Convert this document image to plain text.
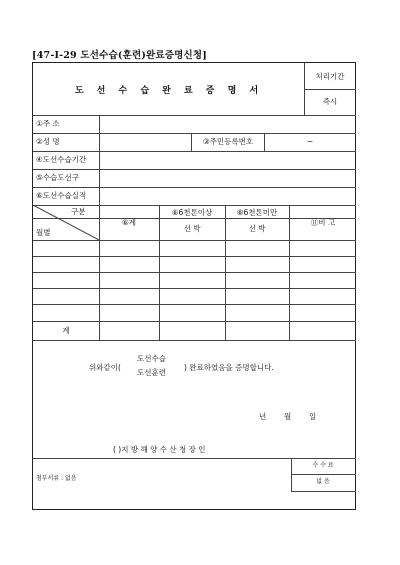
[47-I-29 도선수습(훈련)완료증명신청]
도 선 수 습 완 료 증 명 서
처리기간
즉시
①주 소
②성 명	③주민등록번호	~
④도선수습기간
⑤수습도선구
⑥도선수습실적
구분
월별
⑥계
⑥6천톤이상
선 박
⑥6천톤미만
선 박
⑪비 고
계
위와같이(
도선수습
도선훈련
) 완료하였음을 증명합니다.
년 월 일
( )지 방 해 양 수 산 청 장 인
첨부서류 : 없음
수 수 료
없 음
